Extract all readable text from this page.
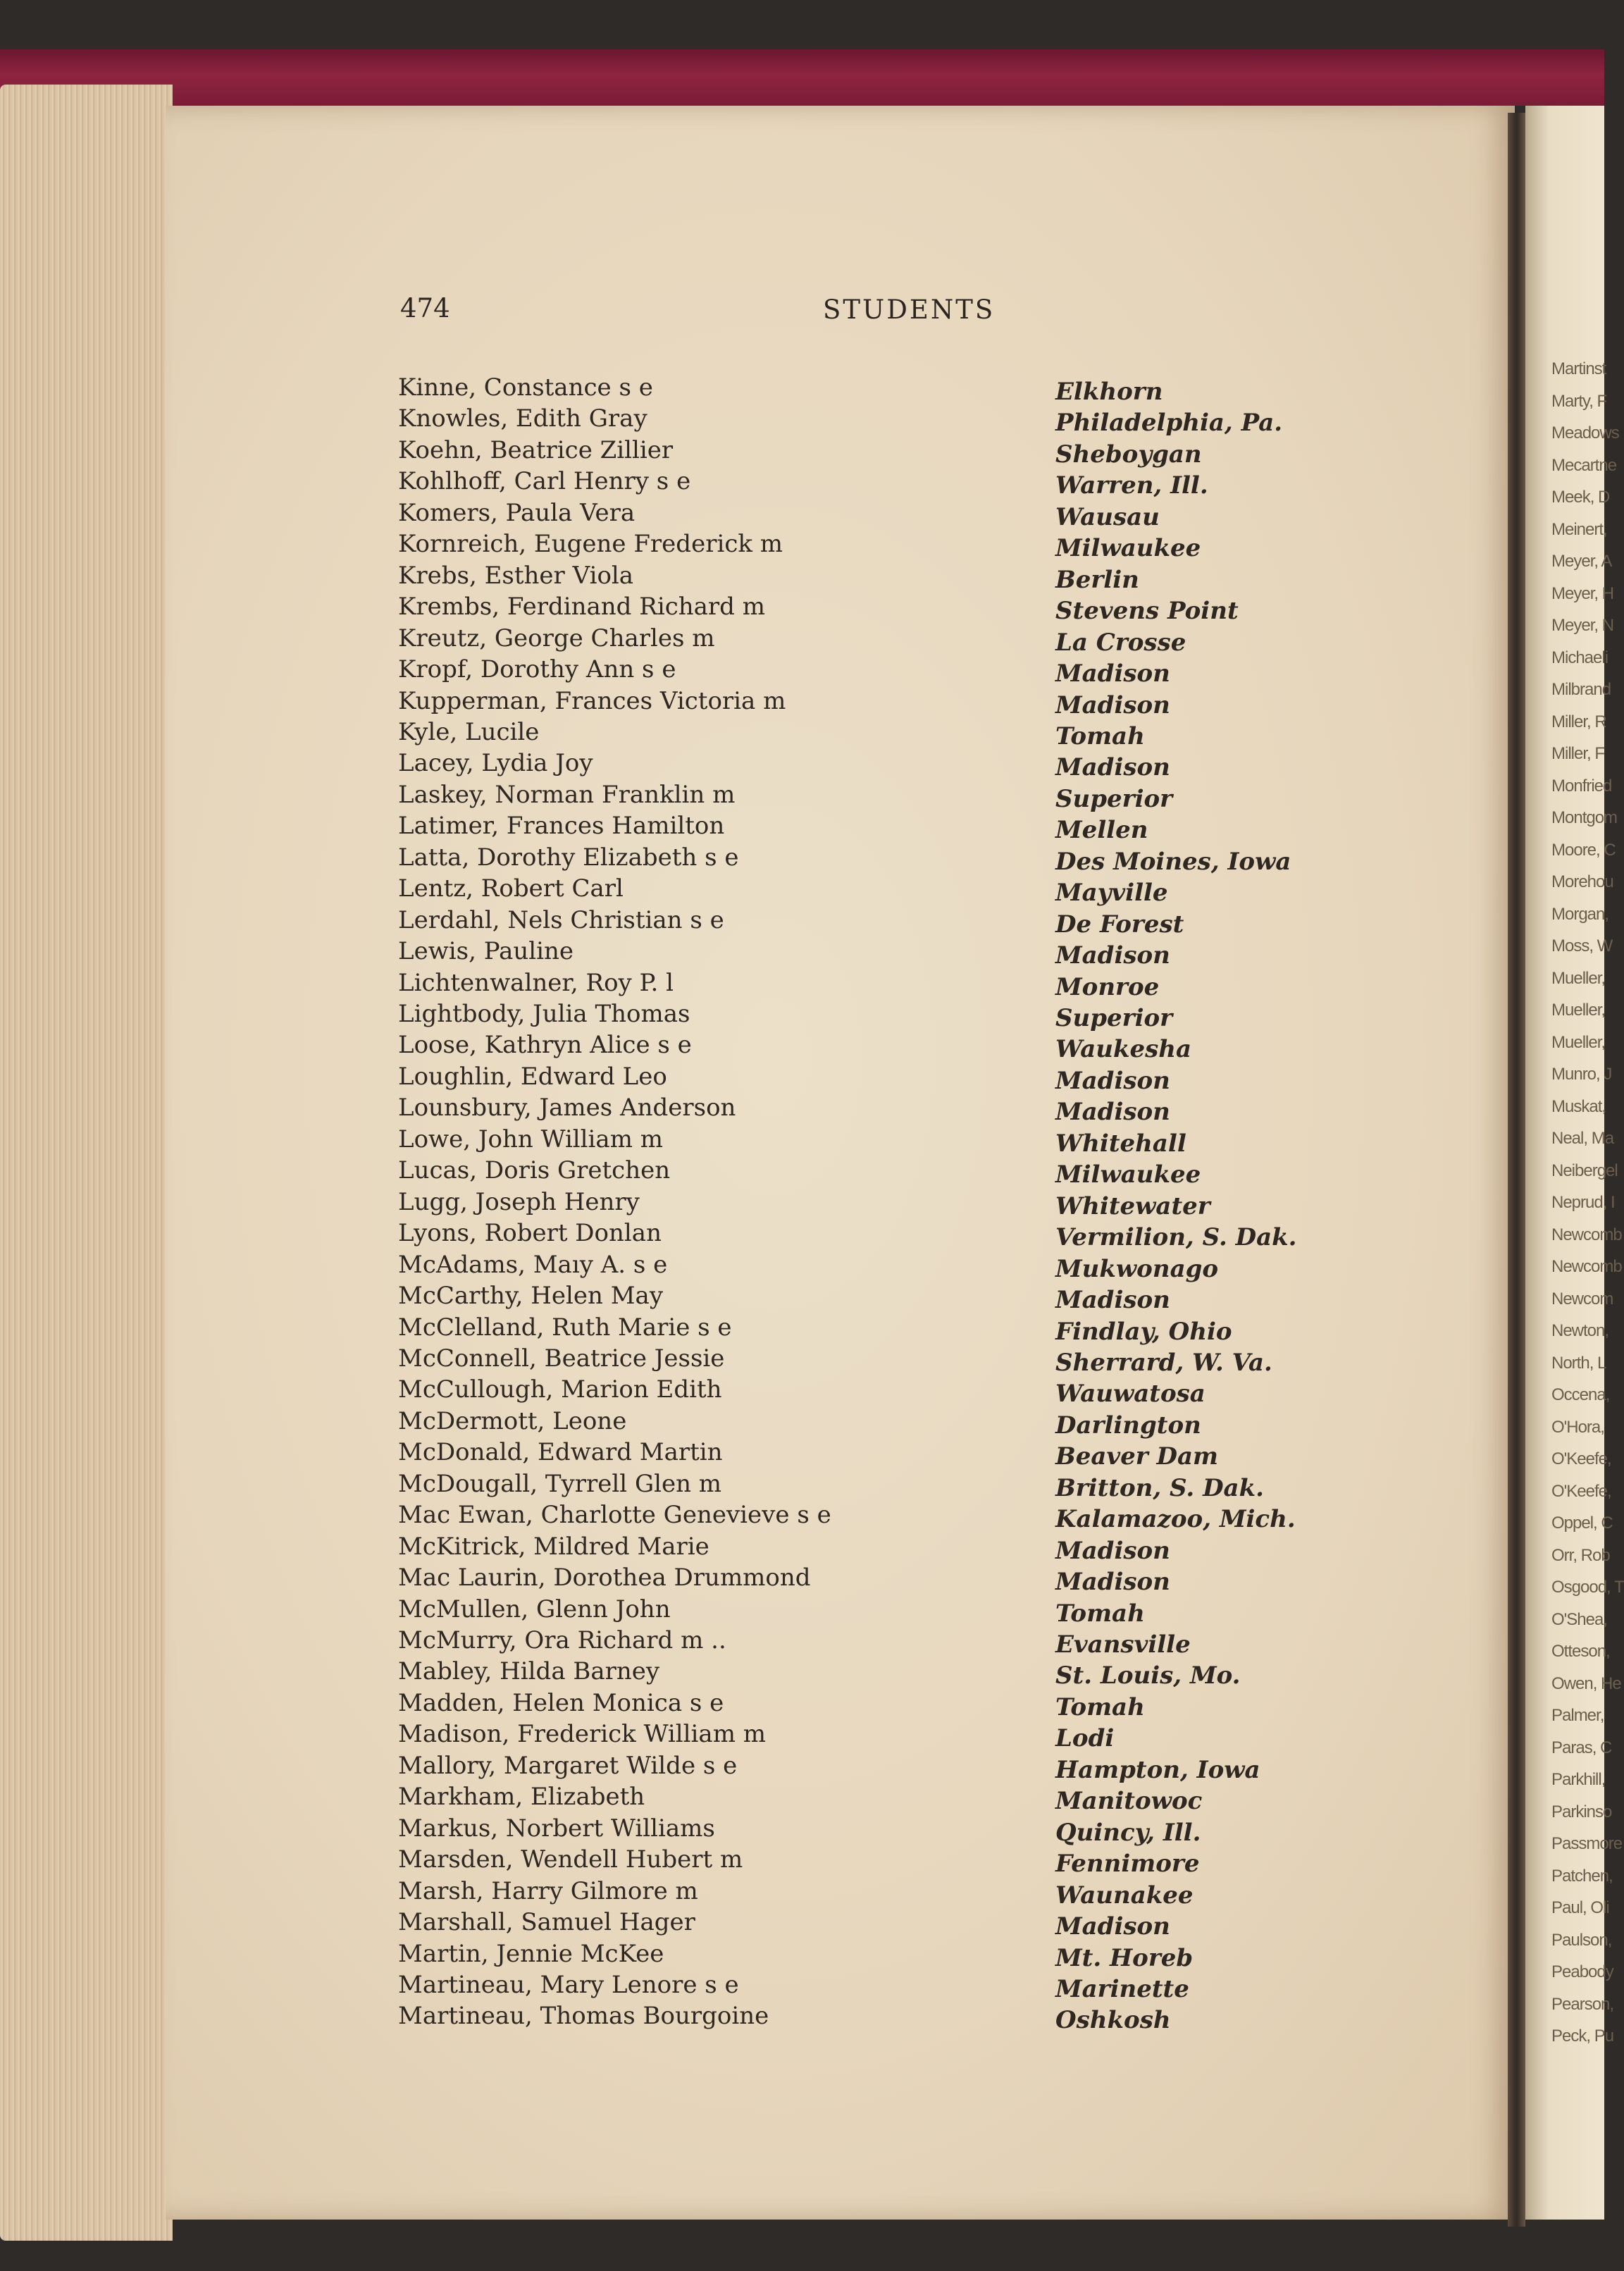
474	STUDENTS
Kinne, Constance s e	Elkhorn
Knowles, Edith Gray	Philadelphia, Pa.
Koehn, Beatrice Zillier	Sheboygan
Kohlhoff, Carl Henry s e	Warren, Ill.
Komers, Paula Vera	Wausau
Kornreich, Eugene Frederick m	Milwaukee
Krebs, Esther Viola	Berlin
Krembs, Ferdinand Richard m	Stevens Point
Kreutz, George Charles m	La Crosse
Kropf, Dorothy Ann s e	Madison
Kupperman, Frances Victoria m	Madison
Kyle, Lucile	Tomah
Lacey, Lydia Joy	Madison
Laskey, Norman Franklin m	Superior
Latimer, Frances Hamilton	Mellen
Latta, Dorothy Elizabeth s e	Des Moines, Iowa
Lentz, Robert Carl	Mayville
Lerdahl, Nels Christian s e	De Forest
Lewis, Pauline	Madison
Lichtenwalner, Roy P. l	Monroe
Lightbody, Julia Thomas	Superior
Loose, Kathryn Alice s e	Waukesha
Loughlin, Edward Leo	Madison
Lounsbury, James Anderson	Madison
Lowe, John William m	Whitehall
Lucas, Doris Gretchen	Milwaukee
Lugg, Joseph Henry	Whitewater
Lyons, Robert Donlan	Vermilion, S. Dak.
McAdams, Maıy A. s e	Mukwonago
McCarthy, Helen May	Madison
McClelland, Ruth Marie s e	Findlay, Ohio
McConnell, Beatrice Jessie	Sherrard, W. Va.
McCullough, Marion Edith	Wauwatosa
McDermott, Leone	Darlington
McDonald, Edward Martin	Beaver Dam
McDougall, Tyrrell Glen m	Britton, S. Dak.
Mac Ewan, Charlotte Genevieve s e	Kalamazoo, Mich.
McKitrick, Mildred Marie	Madison
Mac Laurin, Dorothea Drummond	Madison
McMullen, Glenn John	Tomah
McMurry, Ora Richard m ..	Evansville
Mabley, Hilda Barney	St. Louis, Mo.
Madden, Helen Monica s e	Tomah
Madison, Frederick William m	Lodi
Mallory, Margaret Wilde s e	Hampton, Iowa
Markham, Elizabeth	Manitowoc
Markus, Norbert Williams	Quincy, Ill.
Marsden, Wendell Hubert m	Fennimore
Marsh, Harry Gilmore m	Waunakee
Marshall, Samuel Hager	Madison
Martin, Jennie McKee	Mt. Horeb
Martineau, Mary Lenore s e	Marinette
Martineau, Thomas Bourgoine	Oshkosh
Martinst
Marty, F
Meadows
Mecartne
Meek, D
Meinert,
Meyer, A
Meyer, H
Meyer, N
Michaeli
Milbrand
Miller, R
Miller, F
Monfried
Montgom
Moore, C
Morehou
Morgan,
Moss, W
Mueller,
Mueller,
Mueller,
Munro, J
Muskat,
Neal, Ma
Neibergel
Neprud, I
Newcomb
Newcomb
Newcom
Newton,
North, L
Occena,
O'Hora,
O'Keefe,
O'Keefe,
Oppel, C
Orr, Rob
Osgood, T
O'Shea,
Otteson,
Owen, He
Palmer,
Paras, C
Parkhill,
Parkinso
Passmore
Patchen,
Paul, Oli
Paulson,
Peabody
Pearson,
Peck, Pu
